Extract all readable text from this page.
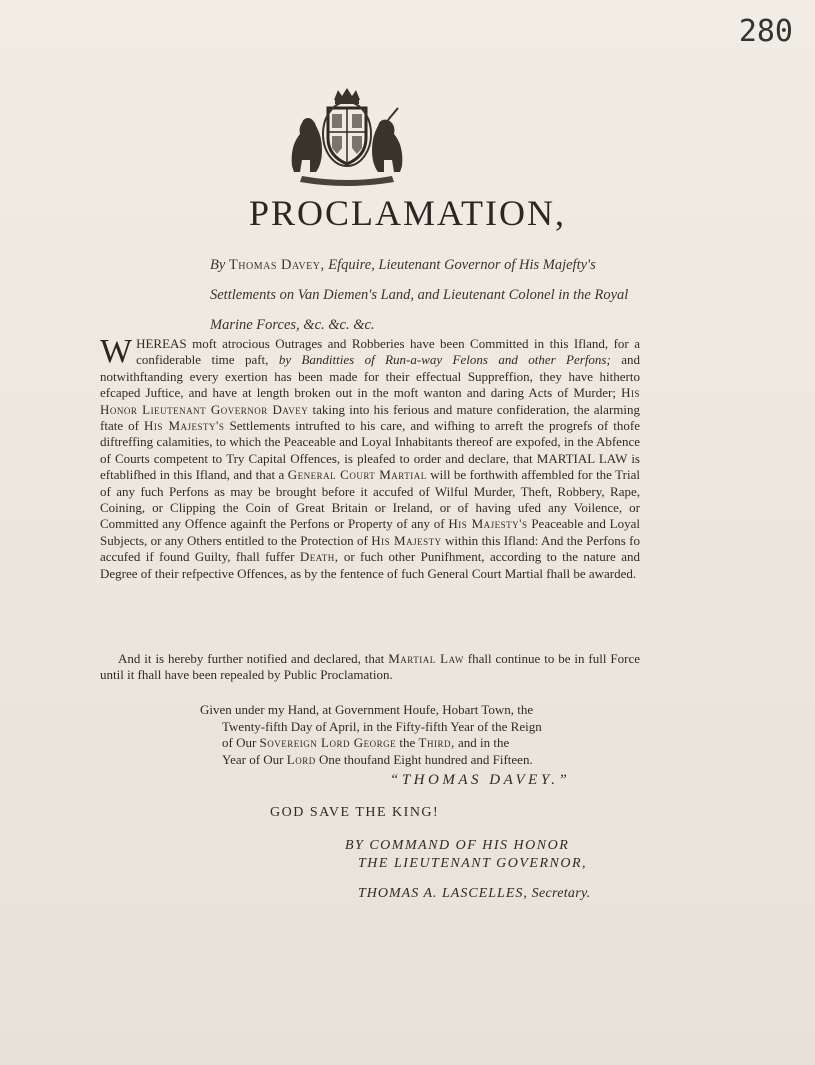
280
PROCLAMATION,
By Thomas Davey, Efquire, Lieutenant Governor of His Majefty's Settlements on Van Diemen's Land, and Lieutenant Colonel in the Royal Marine Forces, &c. &c. &c.
WHEREAS moft atrocious Outrages and Robberies have been Committed in this Ifland, for a confiderable time paft, by Banditties of Run-a-way Felons and other Perfons; and notwithftanding every exertion has been made for their effectual Suppreffion, they have hitherto efcaped Juftice, and have at length broken out in the moft wanton and daring Acts of Murder; His Honor Lieutenant Governor Davey taking into his ferious and mature confideration, the alarming ftate of His Majesty's Settlements intrufted to his care, and wifhing to arreft the progrefs of thofe diftreffing calamities, to which the Peaceable and Loyal Inhabitants thereof are expofed, in the Abfence of Courts competent to Try Capital Offences, is pleafed to order and declare, that MARTIAL LAW is eftablifhed in this Ifland, and that a General Court Martial will be forthwith affembled for the Trial of any fuch Perfons as may be brought before it accufed of Wilful Murder, Theft, Robbery, Rape, Coining, or Clipping the Coin of Great Britain or Ireland, or of having ufed any Voilence, or Committed any Offence againft the Perfons or Property of any of His Majesty's Peaceable and Loyal Subjects, or any Others entitled to the Protection of His Majesty within this Ifland: And the Perfons fo accufed if found Guilty, fhall fuffer Death, or fuch other Punifhment, according to the nature and Degree of their refpective Offences, as by the fentence of fuch General Court Martial fhall be awarded.
And it is hereby further notified and declared, that Martial Law fhall continue to be in full Force until it fhall have been repealed by Public Proclamation.
Given under my Hand, at Government Houfe, Hobart Town, the
Twenty-fifth Day of April, in the Fifty-fifth Year of the Reign
of Our Sovereign Lord George the Third, and in the
Year of Our Lord One thoufand Eight hundred and Fifteen.
“THOMAS DAVEY.”
GOD SAVE THE KING!
BY COMMAND OF HIS HONOR
THE LIEUTENANT GOVERNOR,
THOMAS A. LASCELLES, Secretary.
